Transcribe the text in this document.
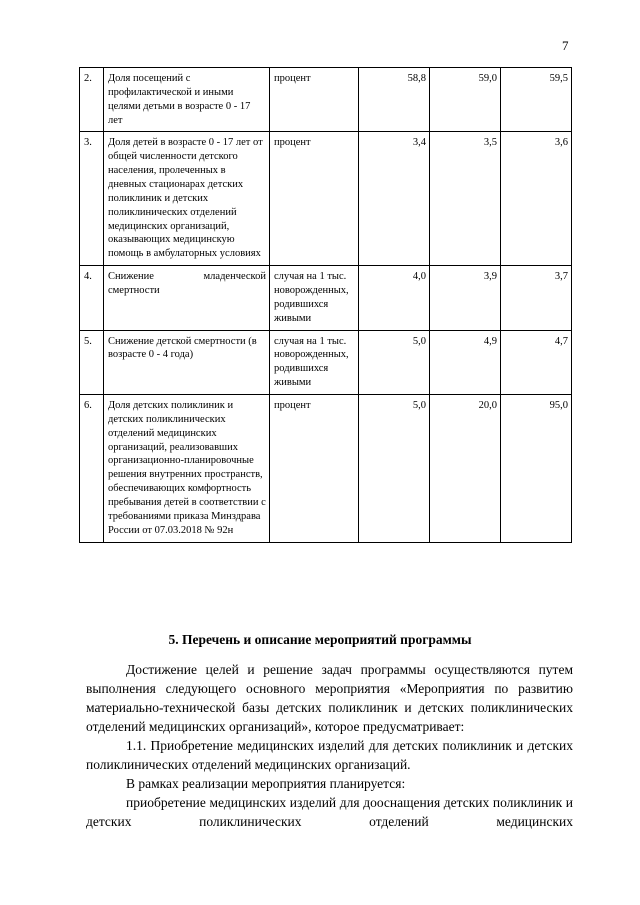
7
2.	Доля посещений с профилактической и иными целями детьми в возрасте 0 - 17 лет	процент	58,8	59,0	59,5
3.	Доля детей в возрасте 0 - 17 лет от общей численности детского населения, пролеченных в дневных стационарах детских поликлиник и детских поликлинических отделений медицинских организаций, оказывающих медицинскую помощь в амбулаторных условиях	процент	3,4	3,5	3,6
4.	Снижение младенческой смертности	случая на 1 тыс. новорожденных, родившихся живыми	4,0	3,9	3,7
5.	Снижение детской смертности (в возрасте 0 - 4 года)	случая на 1 тыс. новорожденных, родившихся живыми	5,0	4,9	4,7
6.	Доля детских поликлиник и детских поликлинических отделений медицинских организаций, реализовавших организационно-планировочные решения внутренних пространств, обеспечивающих комфортность пребывания детей в соответствии с требованиями приказа Минздрава России от 07.03.2018 № 92н	процент	5,0	20,0	95,0
5. Перечень и описание мероприятий программы

Достижение целей и решение задач программы осуществляются путем выполнения следующего основного мероприятия «Мероприятия по развитию материально-технической базы детских поликлиник и детских поликлинических отделений медицинских организаций», которое предусматривает:

1.1. Приобретение медицинских изделий для детских поликлиник и детских поликлинических отделений медицинских организаций.

В рамках реализации мероприятия планируется:

приобретение медицинских изделий для дооснащения детских поликлиник и детских поликлинических отделений медицинских
